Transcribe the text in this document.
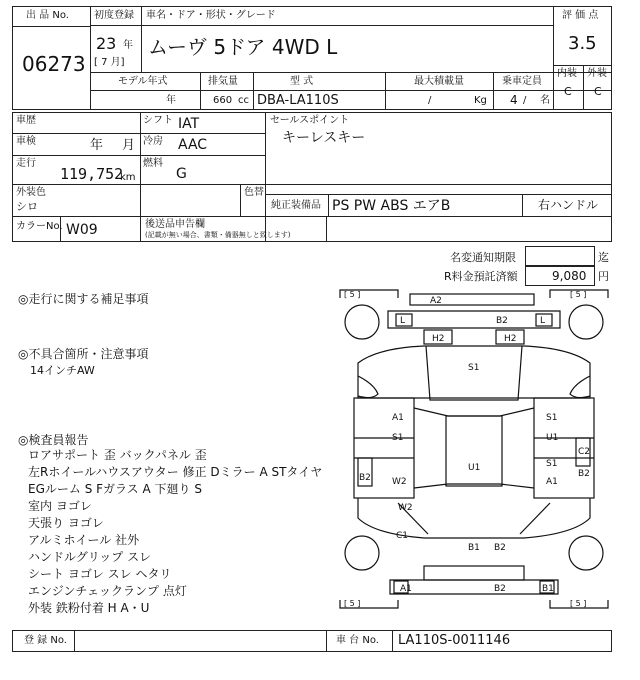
出 品 No.
06273
初度登録
23 年
[ 7 月]
車名・ドア・形状・グレード
ムーヴ 5ドア 4WD L
評 価 点
3.5
内装 外装
C C
モデル年式
年
排気量
660 cc
型 式
DBA-LA110S
最大積載量
/	Kg
乗車定員
4 / 名
車歴
車検	年 月
走行
119,752
km
シフト IAT
冷房 AAC
燃料
G
セールスポイント
キーレスキー
外装色
シロ
色替
純正装備品 PS PW ABS エアB	右ハンドル
カラーNo. W09	後送品申告欄
(記載が無い場合、書類・備器無しと致します)
名変通知期限	迄
R料金預託済額	9,080 円
◎走行に関する補足事項
◎不具合箇所・注意事項
14インチAW
◎検査員報告
ロアサポート 歪 バックパネル 歪
左Rホイールハウスアウター 修正 Dミラー A STタイヤ
EGルーム S Fガラス A 下廻り S
室内 ヨゴレ
天張り ヨゴレ
アルミホイール 社外
ハンドルグリップ スレ
シート ヨゴレ スレ ヘタリ
エンジンチェックランプ 点灯
外装 鉄粉付着 H A・U
[ 5 ]	[ 5 ]
[ 5 ]	[ 5 ]
A2
L	B2	L
H2	H2
S1
A1
S1
B2 W2
W2
C1
U1
S1
U1
S1
A1
C2
B2
B1 B2
A1	B2	B1
登 録 No.	車 台 No. LA110S-0011146
